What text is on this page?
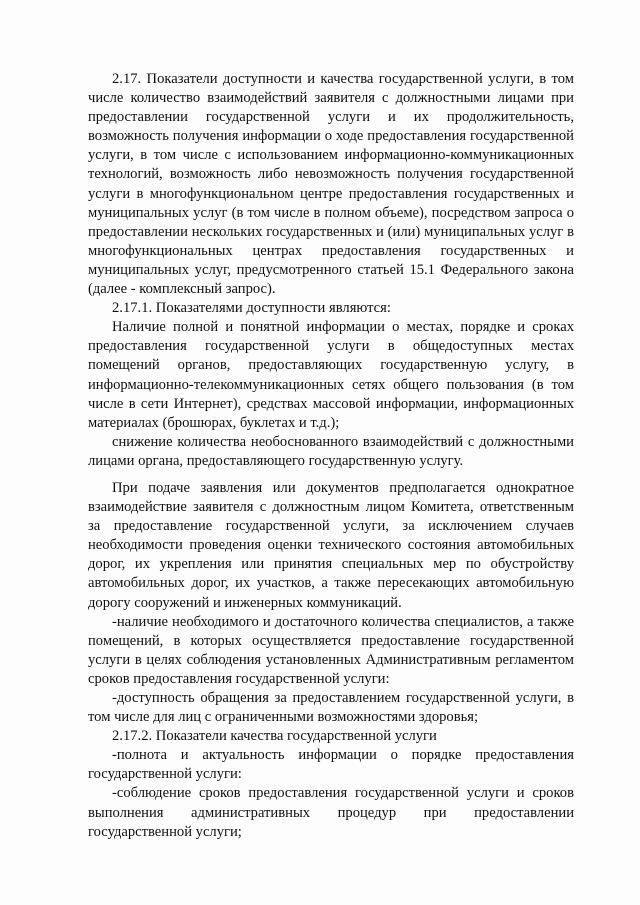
2.17. Показатели доступности и качества государственной услуги, в том числе количество взаимодействий заявителя с должностными лицами при предоставлении государственной услуги и их продолжительность, возможность получения информации о ходе предоставления государственной услуги, в том числе с использованием информационно-коммуникационных технологий, возможность либо невозможность получения государственной услуги в многофункциональном центре предоставления государственных и муниципальных услуг (в том числе в полном объеме), посредством запроса о предоставлении нескольких государственных и (или) муниципальных услуг в многофункциональных центрах предоставления государственных и муниципальных услуг, предусмотренного статьей 15.1 Федерального закона (далее - комплексный запрос).

2.17.1. Показателями доступности являются:

Наличие полной и понятной информации о местах, порядке и сроках предоставления государственной услуги в общедоступных местах помещений органов, предоставляющих государственную услугу, в информационно-телекоммуникационных сетях общего пользования (в том числе в сети Интернет), средствах массовой информации, информационных материалах (брошюрах, буклетах и т.д.);

снижение количества необоснованного взаимодействий с должностными лицами органа, предоставляющего государственную услугу.

При подаче заявления или документов предполагается однократное взаимодействие заявителя с должностным лицом Комитета, ответственным за предоставление государственной услуги, за исключением случаев необходимости проведения оценки технического состояния автомобильных дорог, их укрепления или принятия специальных мер по обустройству автомобильных дорог, их участков, а также пересекающих автомобильную дорогу сооружений и инженерных коммуникаций.

-наличие необходимого и достаточного количества специалистов, а также помещений, в которых осуществляется предоставление государственной услуги в целях соблюдения установленных Административным регламентом сроков предоставления государственной услуги:

-доступность обращения за предоставлением государственной услуги, в том числе для лиц с ограниченными возможностями здоровья;

2.17.2. Показатели качества государственной услуги

-полнота и актуальность информации о порядке предоставления государственной услуги:

-соблюдение сроков предоставления государственной услуги и сроков выполнения административных процедур при предоставлении государственной услуги;
